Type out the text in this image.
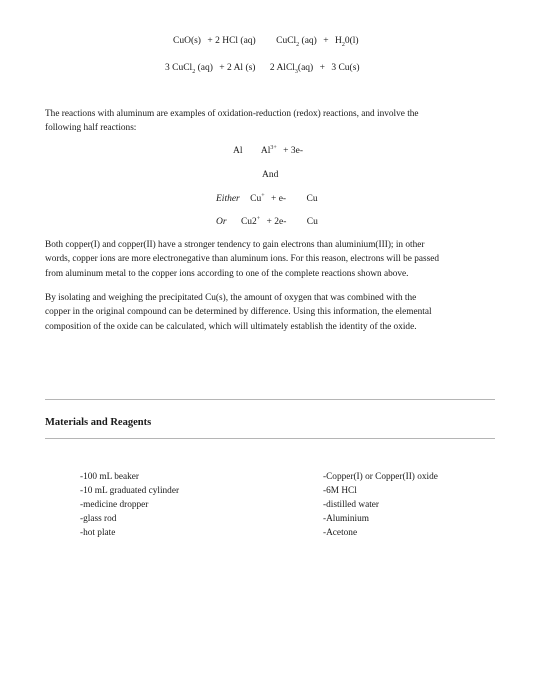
CuO(s) + 2 HCl (aq) CuCl$_2$ $(aq) + H_20(l)$
3 CuCl$_2$ (aq) + 2 Al (s) 2 AlCl$_3$(aq) + 3 Cu(s)
The reactions with aluminum are examples of oxidation-reduction (redox) reactions, and involve the
following half reactions:
Al $Al^{3+} + 3e-$
And
Either Cu+ + e- Cu
Or Cu2+ + 2e- Cu
Both copper(I) and copper(II) have a stronger tendency to gain electrons than aluminium(III); in other
words, copper ions are more electronegative than aluminum ions. For this reason, electrons will be passed
from aluminum metal to the copper ions according to one of the complete reactions shown above.
By isolating and weighing the precipitated Cu(s), the amount of oxygen that was combined with the
copper in the original compound can be determined by difference. Using this information, the elemental
composition of the oxide can be calculated, which will ultimately establish the identity of the oxide.
Materials and Reagents
-100 mL beaker
-10 mL graduated cylinder
-medicine dropper
-glass rod
-hot plate
-Copper(I) or Copper(II) oxide
-6M HCl
-distilled water
-Aluminium
-Acetone
